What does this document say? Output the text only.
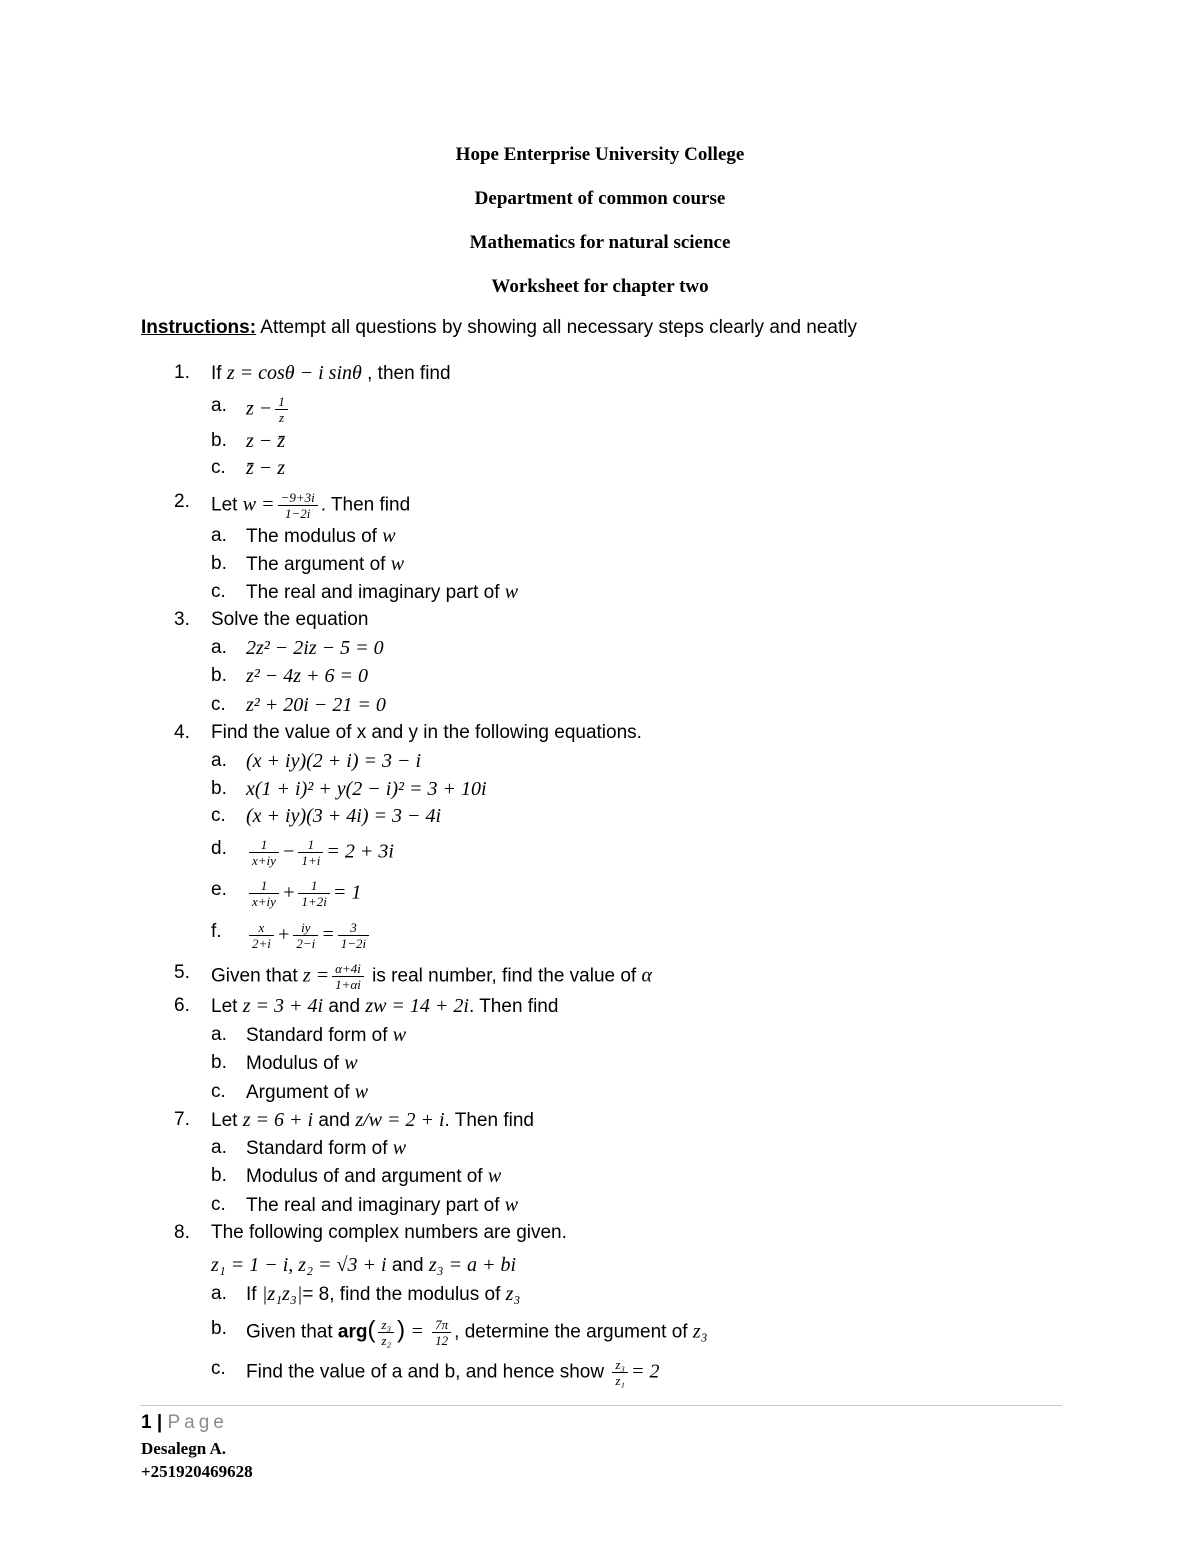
Hope Enterprise University College
Department of common course
Mathematics for natural science
Worksheet for chapter two
Instructions: Attempt all questions by showing all necessary steps clearly and neatly
1.	If z = cosθ − i sinθ , then find
a. $z - \frac{1}{z}$
b. z − z̄
c.	z̄ − z
2.	Let $w = \frac{-9+3i}{1-2i}$ . Then find
a.	The modulus of w
b.	The argument of w
c.	The real and imaginary part of w
3.	Solve the equation
a. 2z² − 2iz − 5 = 0
b. z² − 4z + 6 = 0
c.	z² + 20i − 21 = 0
4.	Find the value of x and y in the following equations.
a. (x + iy)(2 + i) = 3 − i
b. x(1 + i)² + y(2 − i)² = 3 + 10i
c.	(x + iy)(3 + 4i) = 3 − 4i
d.	$\frac{1}{x+iy} - \frac{1}{1+i} = 2 + 3i$
e.	$\frac{1}{x+iy} + \frac{1}{1+2i} = 1$
f.	$\frac{x}{2+i} + \frac{iy}{2-i} = \frac{3}{1-2i}$
5.	Given that $z = \frac{\alpha+4i}{1+\alpha i}$ is real number, find the value of α
6.	Let z = 3 + 4i and zw = 14 + 2i. Then find
a.	Standard form of w
b.	Modulus of w
c.	Argument of w
7.	Let z = 6 + i and z/w = 2 + i. Then find
a.	Standard form of w
b.	Modulus of and argument of w
c.	The real and imaginary part of w
8.	The following complex numbers are given.
z₁ = 1 − i, z₂ = √3 + i and z₃ = a + bi
a.	If |z₁z₃|= 8, find the modulus of z₃
b.	Given that $arg( \frac{\text{z₃}}{\text{z₂}}$ ) = $\frac{7\pi}{12}$ , determine the argument of z₃
c.	Find the value of a and b, and hence show $\frac{\text{z₃}}{\text{z₁}} = 2$
1 | Page
Desalegn A.
+251920469628
